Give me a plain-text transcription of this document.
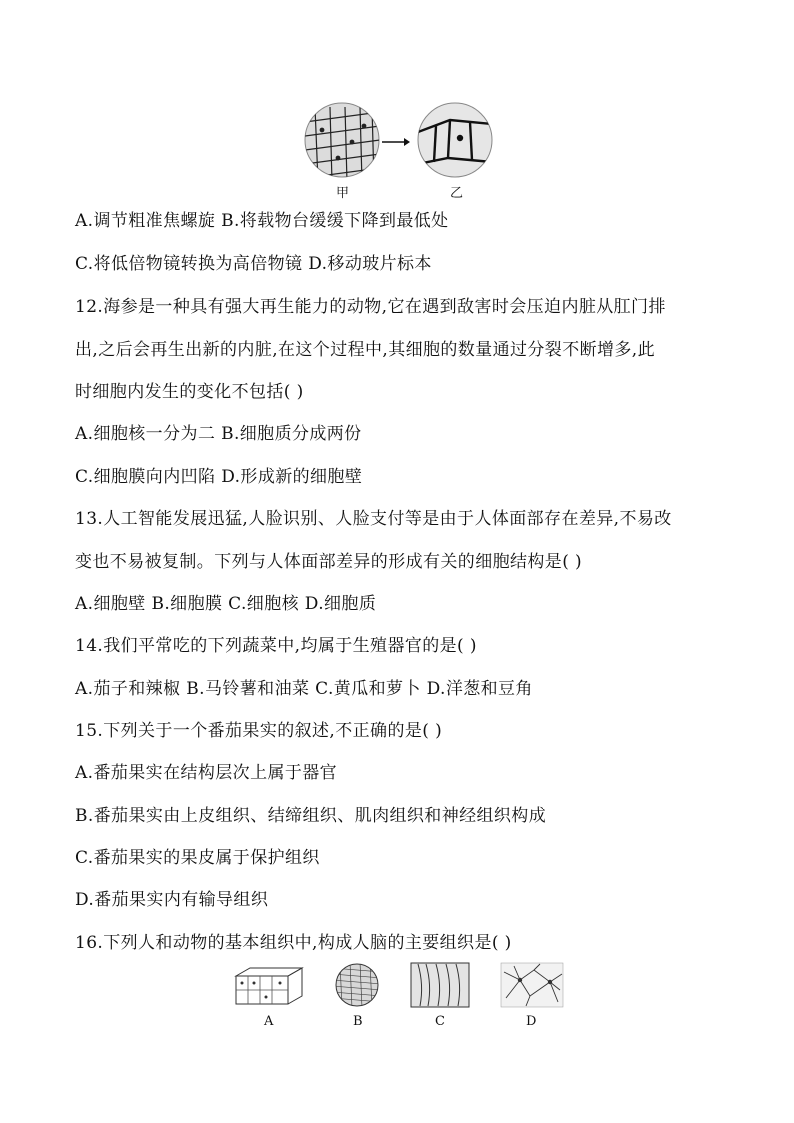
甲	乙
A.调节粗准焦螺旋 B.将载物台缓缓下降到最低处
C.将低倍物镜转换为高倍物镜 D.移动玻片标本
12.海参是一种具有强大再生能力的动物,它在遇到敌害时会压迫内脏从肛门排
出,之后会再生出新的内脏,在这个过程中,其细胞的数量通过分裂不断增多,此
时细胞内发生的变化不包括( )
A.细胞核一分为二 B.细胞质分成两份
C.细胞膜向内凹陷 D.形成新的细胞壁
13.人工智能发展迅猛,人脸识别、人脸支付等是由于人体面部存在差异,不易改
变也不易被复制。下列与人体面部差异的形成有关的细胞结构是( )
A.细胞壁 B.细胞膜 C.细胞核 D.细胞质
14.我们平常吃的下列蔬菜中,均属于生殖器官的是( )
A.茄子和辣椒 B.马铃薯和油菜 C.黄瓜和萝卜 D.洋葱和豆角
15.下列关于一个番茄果实的叙述,不正确的是( )
A.番茄果实在结构层次上属于器官
B.番茄果实由上皮组织、结缔组织、肌肉组织和神经组织构成
C.番茄果实的果皮属于保护组织
D.番茄果实内有输导组织
16.下列人和动物的基本组织中,构成人脑的主要组织是( )
A	B	C	D
